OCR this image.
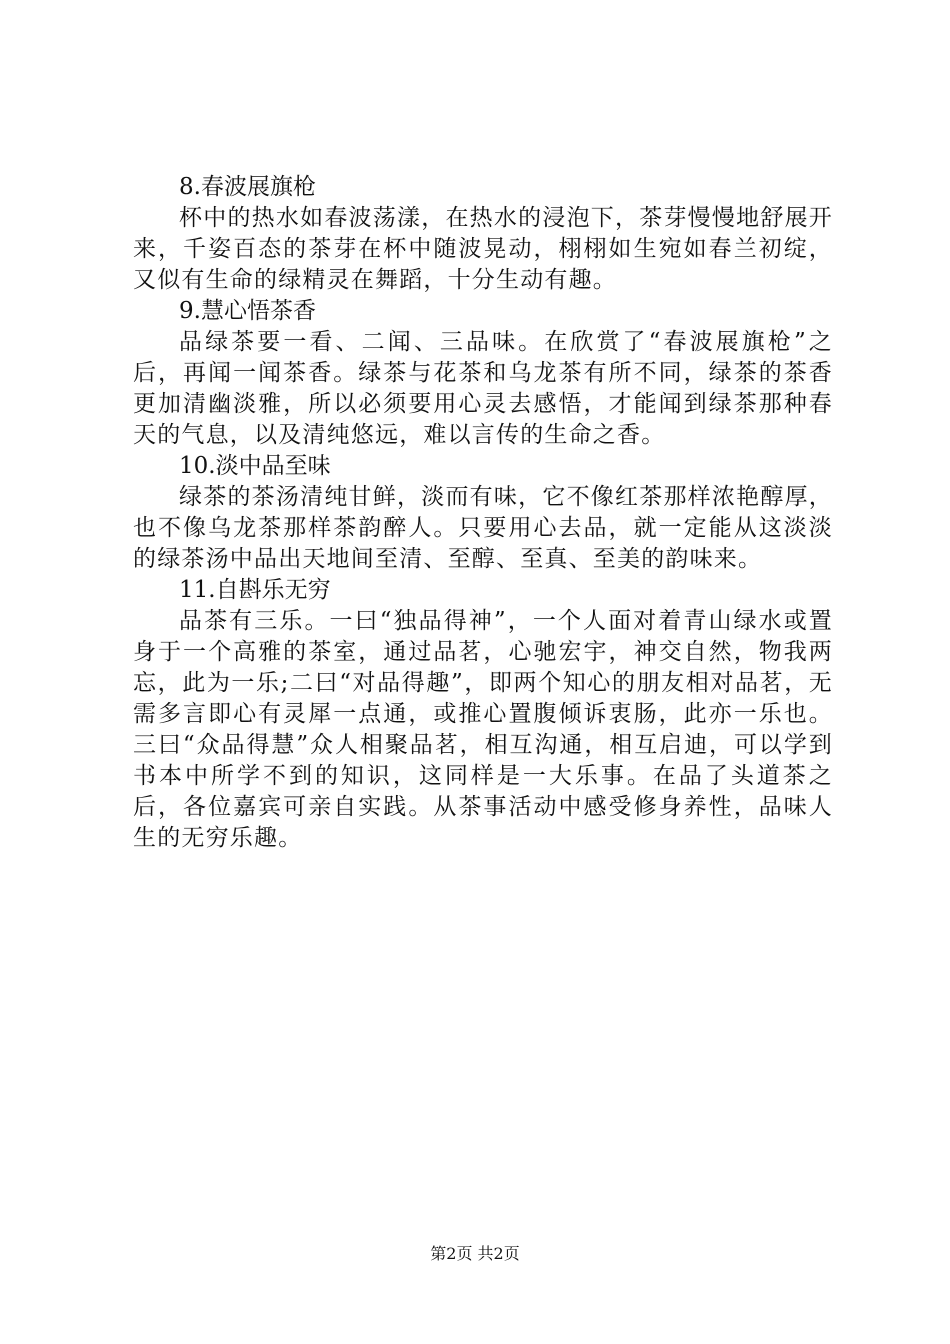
8.春波展旗枪

杯中的热水如春波荡漾，在热水的浸泡下，茶芽慢慢地舒展开来，千姿百态的茶芽在杯中随波晃动，栩栩如生宛如春兰初绽，又似有生命的绿精灵在舞蹈，十分生动有趣。

9.慧心悟茶香

品绿茶要一看、二闻、三品味。在欣赏了“春波展旗枪”之后，再闻一闻茶香。绿茶与花茶和乌龙茶有所不同，绿茶的茶香更加清幽淡雅，所以必须要用心灵去感悟，才能闻到绿茶那种春天的气息，以及清纯悠远，难以言传的生命之香。

10.淡中品至味

绿茶的茶汤清纯甘鲜，淡而有味，它不像红茶那样浓艳醇厚，也不像乌龙茶那样茶韵醉人。只要用心去品，就一定能从这淡淡的绿茶汤中品出天地间至清、至醇、至真、至美的韵味来。

11.自斟乐无穷

品茶有三乐。一曰“独品得神”，一个人面对着青山绿水或置身于一个高雅的茶室，通过品茗，心驰宏宇，神交自然，物我两忘，此为一乐;二曰“对品得趣”，即两个知心的朋友相对品茗，无需多言即心有灵犀一点通，或推心置腹倾诉衷肠，此亦一乐也。三曰“众品得慧”众人相聚品茗，相互沟通，相互启迪，可以学到书本中所学不到的知识，这同样是一大乐事。在品了头道茶之后，各位嘉宾可亲自实践。从茶事活动中感受修身养性，品味人生的无穷乐趣。

第2页 共2页
